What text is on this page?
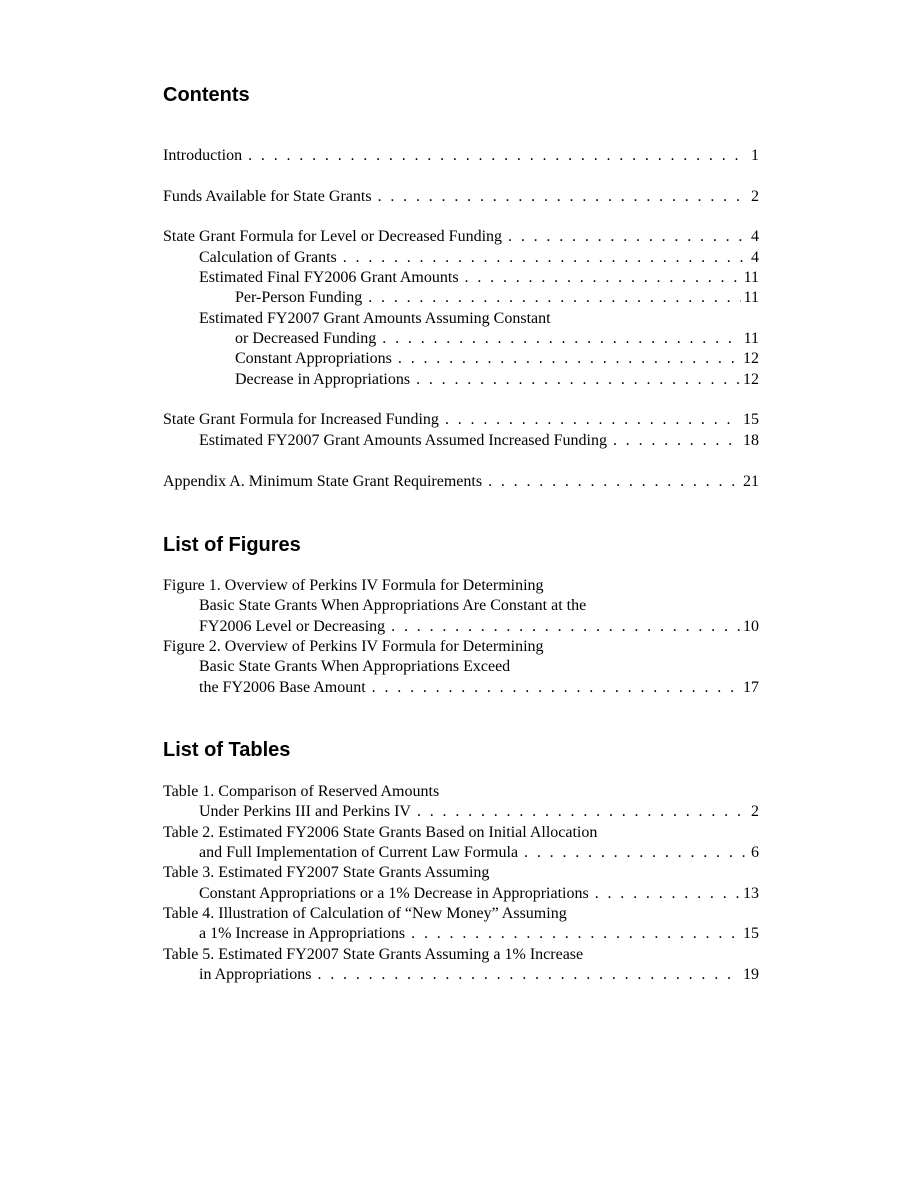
Contents
Introduction . . .	1
Funds Available for State Grants . . .	2
State Grant Formula for Level or Decreased Funding . . .	4
Calculation of Grants . . .	4
Estimated Final FY2006 Grant Amounts . . .	11
Per-Person Funding . . .	11
Estimated FY2007 Grant Amounts Assuming Constant
or Decreased Funding . . .	11
Constant Appropriations . . .	12
Decrease in Appropriations . . .	12
State Grant Formula for Increased Funding . . .	15
Estimated FY2007 Grant Amounts Assumed Increased Funding . . .	18
Appendix A. Minimum State Grant Requirements . . .	21
List of Figures
Figure 1. Overview of Perkins IV Formula for Determining
Basic State Grants When Appropriations Are Constant at the
FY2006 Level or Decreasing . . .	10
Figure 2. Overview of Perkins IV Formula for Determining
Basic State Grants When Appropriations Exceed
the FY2006 Base Amount . . .	17
List of Tables
Table 1. Comparison of Reserved Amounts
Under Perkins III and Perkins IV . . .	2
Table 2. Estimated FY2006 State Grants Based on Initial Allocation
and Full Implementation of Current Law Formula . . .	6
Table 3. Estimated FY2007 State Grants Assuming
Constant Appropriations or a 1% Decrease in Appropriations . . .	13
Table 4. Illustration of Calculation of “New Money” Assuming
a 1% Increase in Appropriations . . .	15
Table 5. Estimated FY2007 State Grants Assuming a 1% Increase
in Appropriations . . .	19
